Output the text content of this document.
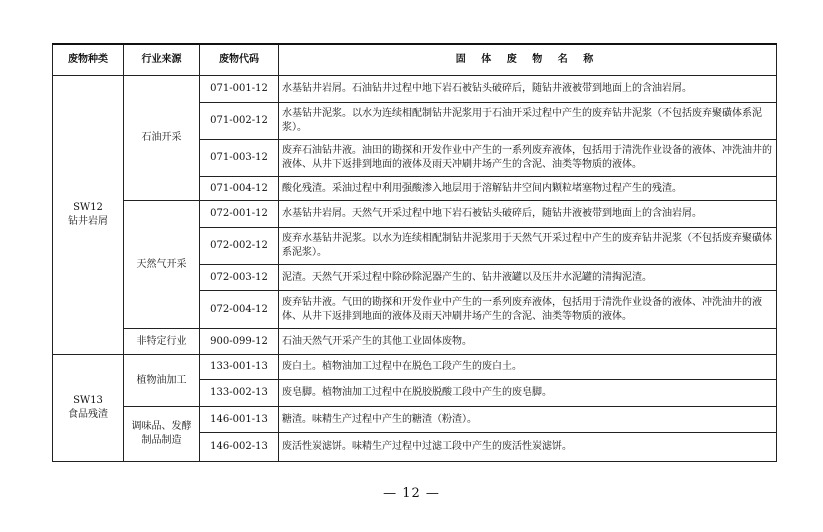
废物种类	行业来源	废物代码	固 体 废 物 名 称

SW12
钻井岩屑	石油开采	071-001-12	水基钻井岩屑。石油钻井过程中地下岩石被钻头破碎后，随钻井液被带到地面上的含油岩屑。
		071-002-12	水基钻井泥浆。以水为连续相配制钻井泥浆用于石油开采过程中产生的废弃钻井泥浆（不包括废弃聚磺体系泥浆）。
		071-003-12	废弃石油钻井液。油田的勘探和开发作业中产生的一系列废弃液体，包括用于清洗作业设备的液体、冲洗油井的液体、从井下返排到地面的液体及雨天冲刷井场产生的含泥、油类等物质的液体。
		071-004-12	酸化残渣。采油过程中利用强酸渗入地层用于溶解钻井空间内颗粒堵塞物过程产生的残渣。
	天然气开采	072-001-12	水基钻井岩屑。天然气开采过程中地下岩石被钻头破碎后，随钻井液被带到地面上的含油岩屑。
		072-002-12	废弃水基钻井泥浆。以水为连续相配制钻井泥浆用于天然气开采过程中产生的废弃钻井泥浆（不包括废弃聚磺体系泥浆）。
		072-003-12	泥渣。天然气开采过程中除砂除泥器产生的、钻井液罐以及压井水泥罐的清掏泥渣。
		072-004-12	废弃钻井液。气田的勘探和开发作业中产生的一系列废弃液体，包括用于清洗作业设备的液体、冲洗油井的液体、从井下返排到地面的液体及雨天冲刷井场产生的含泥、油类等物质的液体。
	非特定行业	900-099-12	石油天然气开采产生的其他工业固体废物。

SW13
食品残渣	植物油加工	133-001-13	废白土。植物油加工过程中在脱色工段产生的废白土。
		133-002-13	废皂脚。植物油加工过程中在脱胶脱酸工段中产生的废皂脚。
	调味品、发酵制品制造	146-001-13	糖渣。味精生产过程中产生的糖渣（粉渣）。
		146-002-13	废活性炭滤饼。味精生产过程中过滤工段中产生的废活性炭滤饼。
— 12 —
